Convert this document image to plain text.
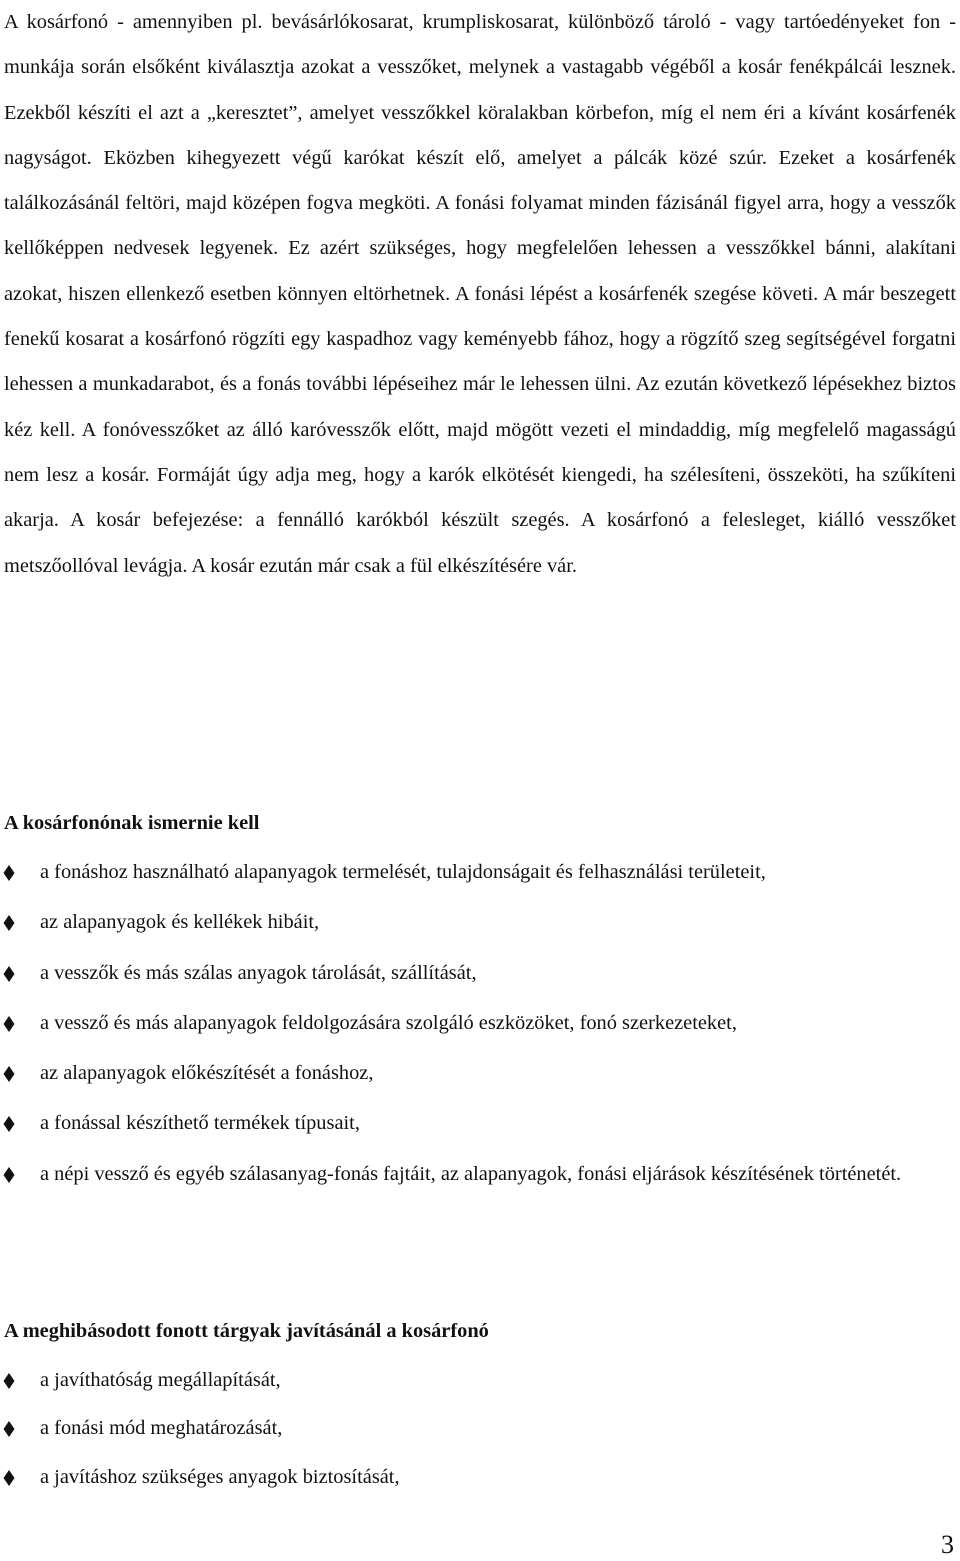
A kosárfonó - amennyiben pl. bevásárlókosarat, krumpliskosarat, különböző tároló - vagy tartóedényeket fon - munkája során elsőként kiválasztja azokat a vesszőket, melynek a vastagabb végéből a kosár fenékpálcái lesznek. Ezekből készíti el azt a „keresztet”, amelyet vesszőkkel köralakban körbefon, míg el nem éri a kívánt kosárfenék nagyságot. Eközben kihegyezett végű karókat készít elő, amelyet a pálcák közé szúr. Ezeket a kosárfenék találkozásánál feltöri, majd középen fogva megköti. A fonási folyamat minden fázisánál figyel arra, hogy a vesszők kellőképpen nedvesek legyenek. Ez azért szükséges, hogy megfelelően lehessen a vesszőkkel bánni, alakítani azokat, hiszen ellenkező esetben könnyen eltörhetnek. A fonási lépést a kosárfenék szegése követi. A már beszegett fenekű kosarat a kosárfonó rögzíti egy kaspadhoz vagy keményebb fához, hogy a rögzítő szeg segítségével forgatni lehessen a munkadarabot, és a fonás további lépéseihez már le lehessen ülni. Az ezután következő lépésekhez biztos kéz kell. A fonóvesszőket az álló karóvesszők előtt, majd mögött vezeti el mindaddig, míg megfelelő magasságú nem lesz a kosár. Formáját úgy adja meg, hogy a karók elkötését kiengedi, ha szélesíteni, összeköti, ha szűkíteni akarja. A kosár befejezése: a fennálló karókból készült szegés. A kosárfonó a felesleget, kiálló vesszőket metszőollóval levágja. A kosár ezután már csak a fül elkészítésére vár.

A kosárfonónak ismernie kell
a fonáshoz használható alapanyagok termelését, tulajdonságait és felhasználási területeit,
az alapanyagok és kellékek hibáit,
a vesszők és más szálas anyagok tárolását, szállítását,
a vessző és más alapanyagok feldolgozására szolgáló eszközöket, fonó szerkezeteket,
az alapanyagok előkészítését a fonáshoz,
a fonással készíthető termékek típusait,
a népi vessző és egyéb szálasanyag-fonás fajtáit, az alapanyagok, fonási eljárások készítésének történetét.
A meghibásodott fonott tárgyak javításánál a kosárfonó
a javíthatóság megállapítását,
a fonási mód meghatározását,
a javításhoz szükséges anyagok biztosítását,
3
